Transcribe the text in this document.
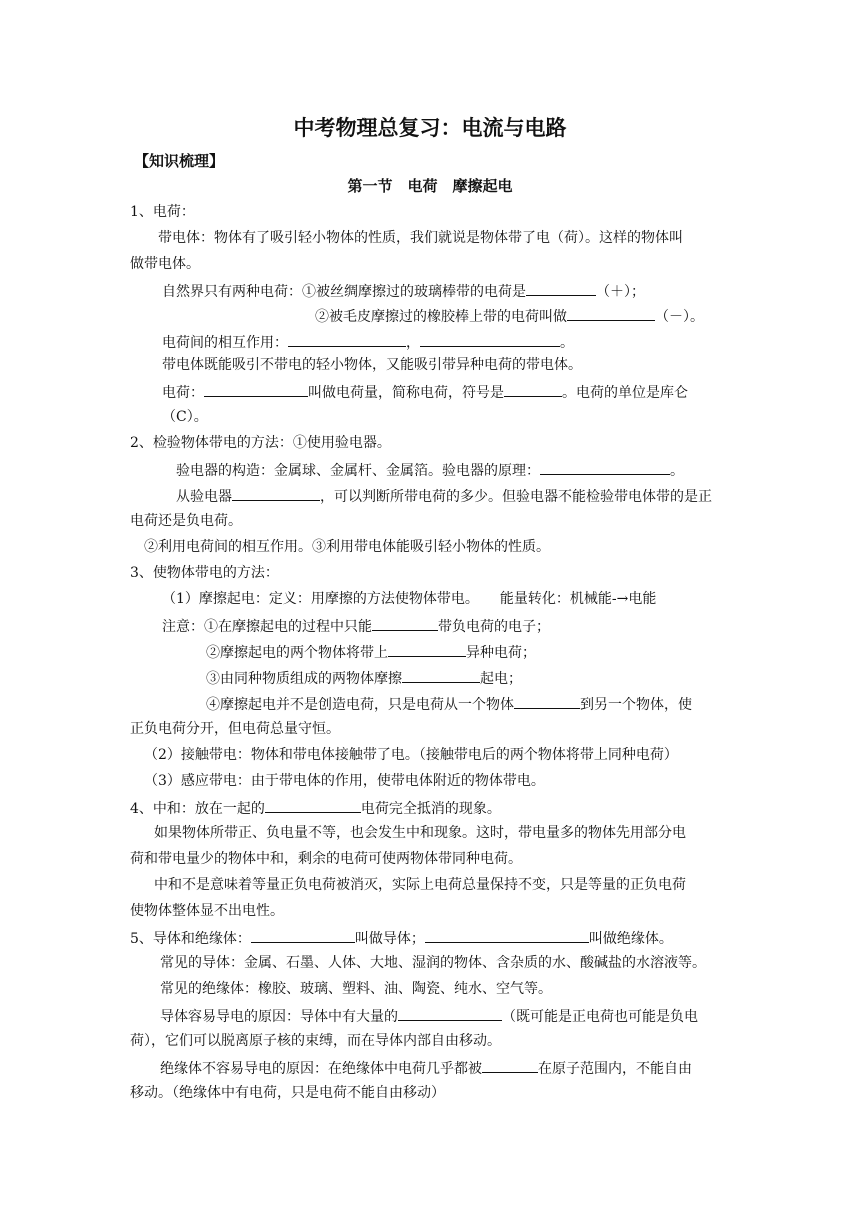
中考物理总复习：电流与电路
【知识梳理】
第一节　电荷　摩擦起电
1、电荷：
带电体：物体有了吸引轻小物体的性质，我们就说是物体带了电（荷）。这样的物体叫
做带电体。
自然界只有两种电荷：①被丝绸摩擦过的玻璃棒带的电荷是	（＋）；
②被毛皮摩擦过的橡胶棒上带的电荷叫做	（－）。
电荷间的相互作用：	，	。
带电体既能吸引不带电的轻小物体，又能吸引带异种电荷的带电体。
电荷：	叫做电荷量，简称电荷，符号是	。电荷的单位是库仑
（C）。
2、检验物体带电的方法：①使用验电器。
验电器的构造：金属球、金属杆、金属箔。验电器的原理：	。
从验电器	，可以判断所带电荷的多少。但验电器不能检验带电体带的是正
电荷还是负电荷。
②利用电荷间的相互作用。③利用带电体能吸引轻小物体的性质。
3、使物体带电的方法：
（1）摩擦起电：定义：用摩擦的方法使物体带电。　　能量转化：机械能-→电能
注意：①在摩擦起电的过程中只能	带负电荷的电子；
②摩擦起电的两个物体将带上	异种电荷；
③由同种物质组成的两物体摩擦	起电；
④摩擦起电并不是创造电荷，只是电荷从一个物体	到另一个物体，使
正负电荷分开，但电荷总量守恒。
（2）接触带电：物体和带电体接触带了电。（接触带电后的两个物体将带上同种电荷）
（3）感应带电：由于带电体的作用，使带电体附近的物体带电。
4、中和：放在一起的	电荷完全抵消的现象。
如果物体所带正、负电量不等，也会发生中和现象。这时，带电量多的物体先用部分电
荷和带电量少的物体中和，剩余的电荷可使两物体带同种电荷。
中和不是意味着等量正负电荷被消灭，实际上电荷总量保持不变，只是等量的正负电荷
使物体整体显不出电性。
5、导体和绝缘体：	叫做导体；	叫做绝缘体。
常见的导体：金属、石墨、人体、大地、湿润的物体、含杂质的水、酸碱盐的水溶液等。
常见的绝缘体：橡胶、玻璃、塑料、油、陶瓷、纯水、空气等。
导体容易导电的原因：导体中有大量的	（既可能是正电荷也可能是负电
荷），它们可以脱离原子核的束缚，而在导体内部自由移动。
绝缘体不容易导电的原因：在绝缘体中电荷几乎都被	在原子范围内，不能自由
移动。（绝缘体中有电荷，只是电荷不能自由移动）
